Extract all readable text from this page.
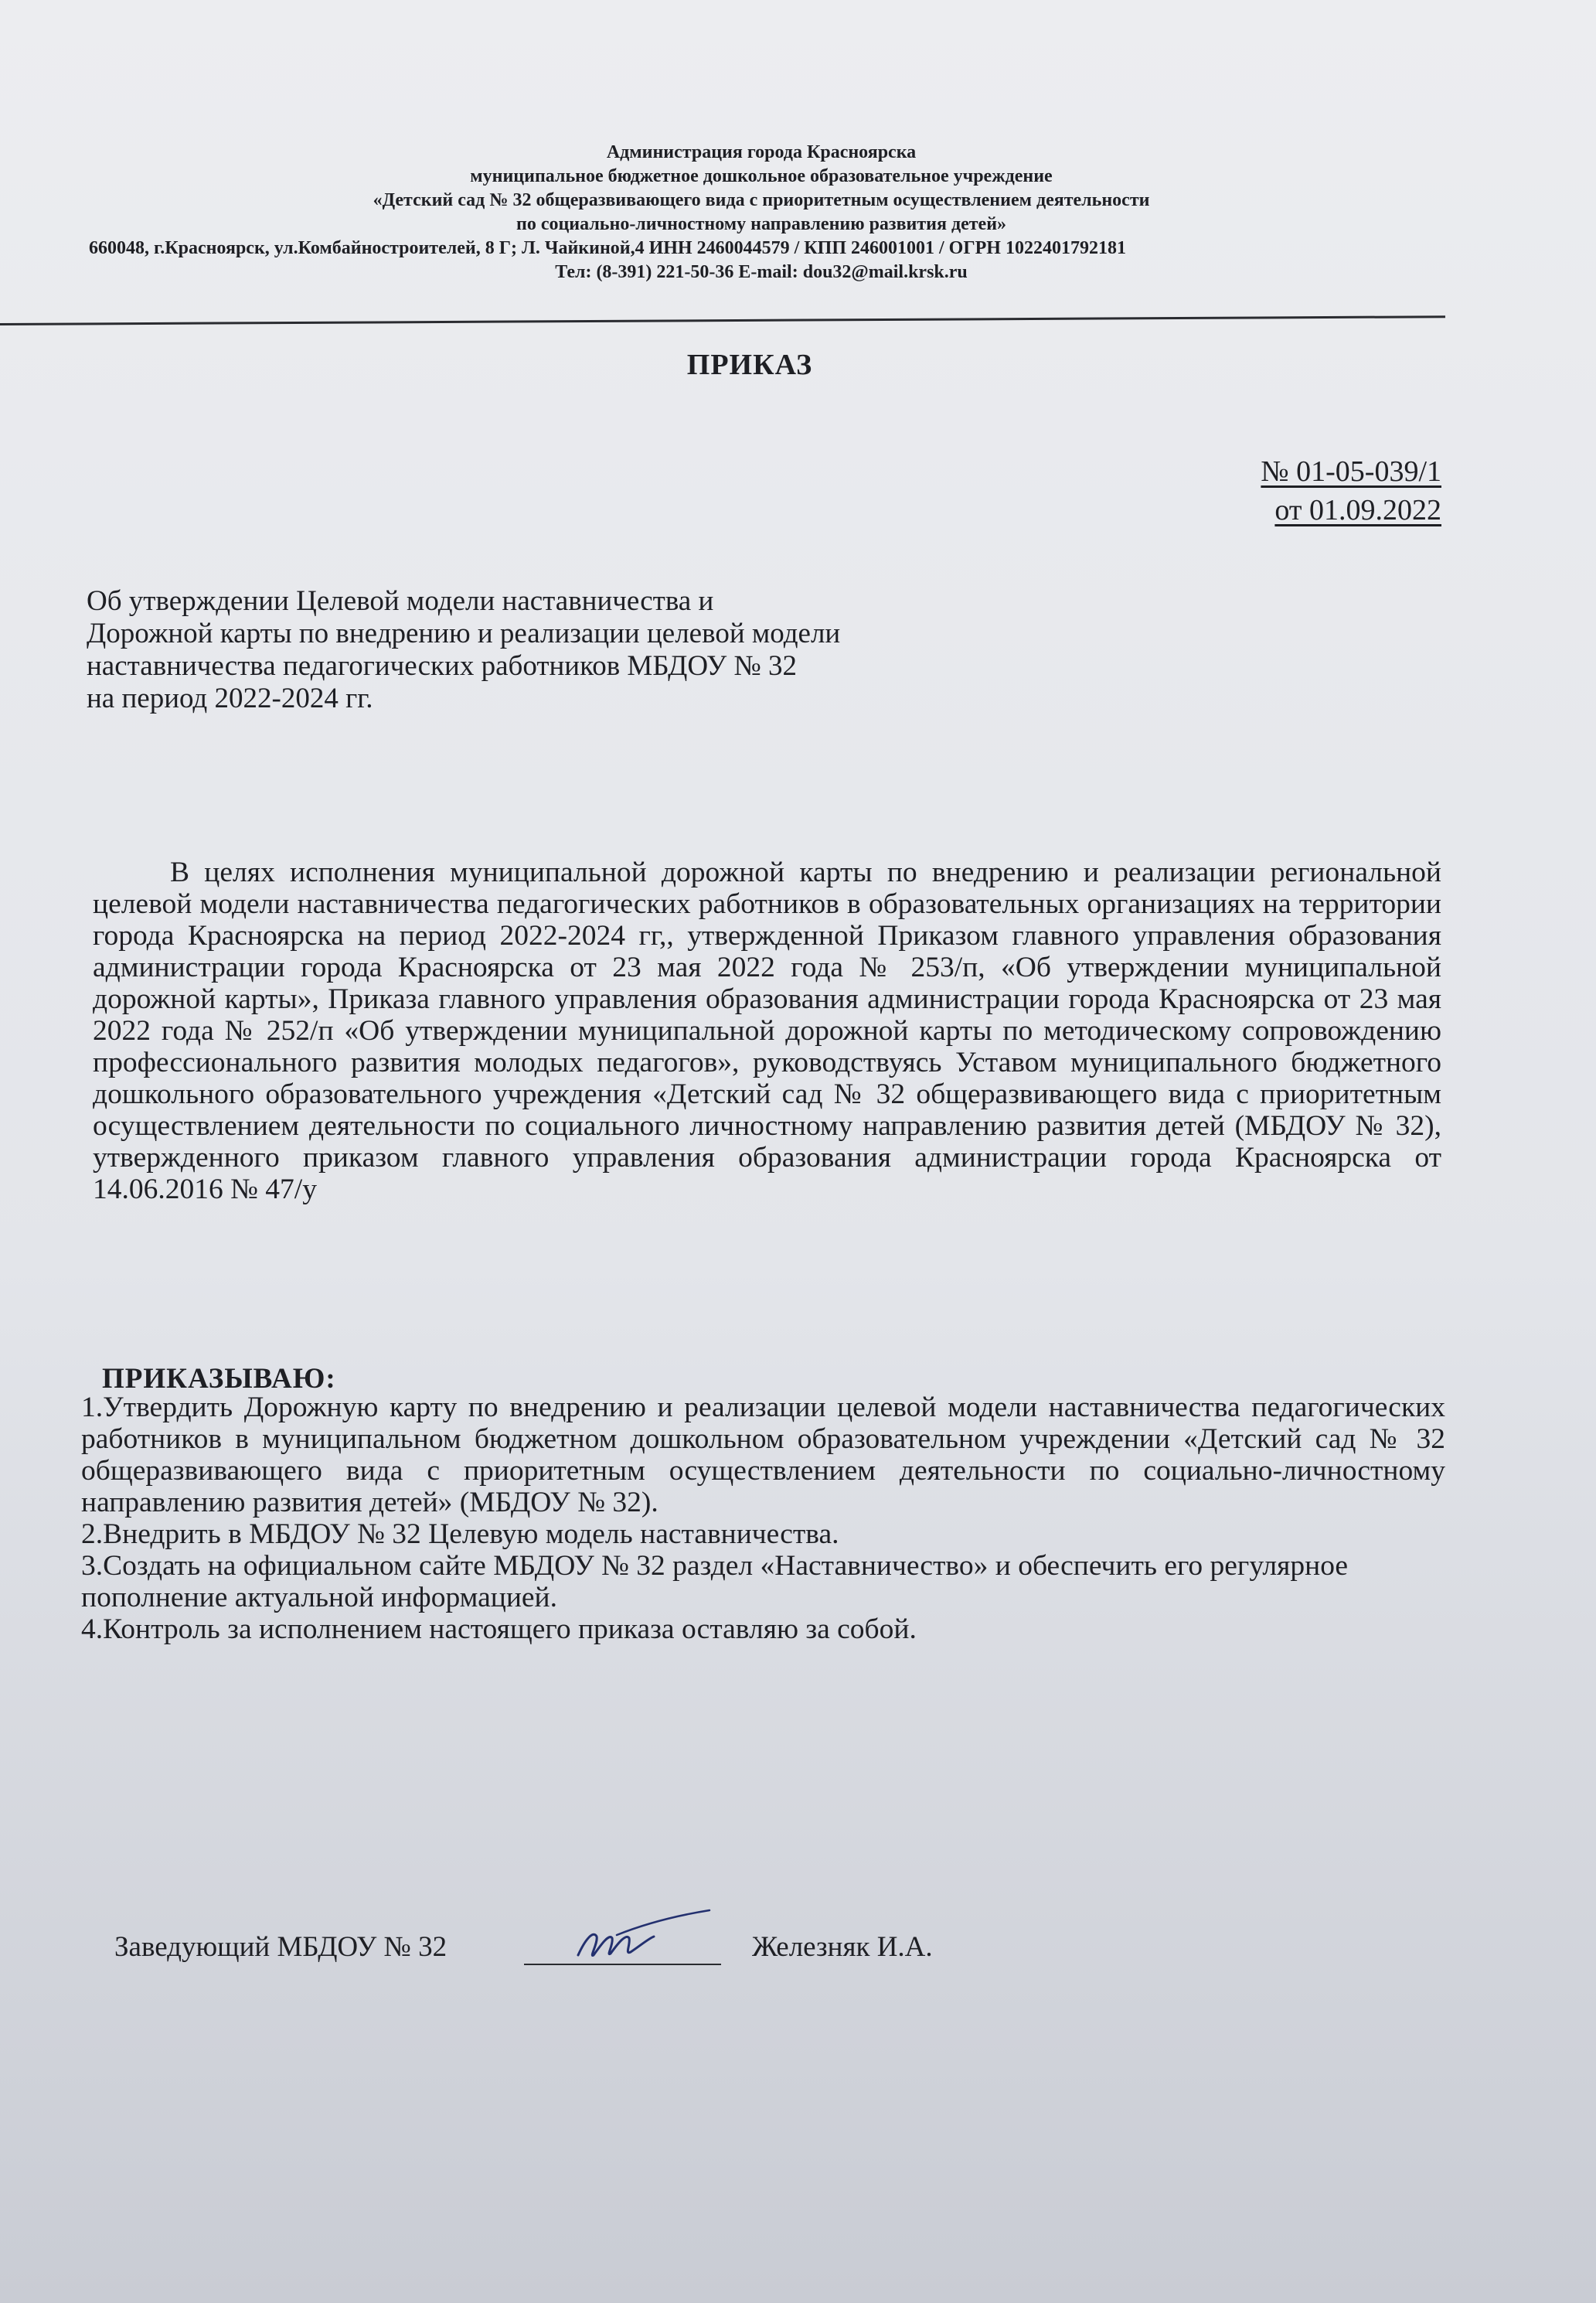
Администрация города Красноярска
муниципальное бюджетное дошкольное образовательное учреждение
«Детский сад № 32 общеразвивающего вида с приоритетным осуществлением деятельности
по социально-личностному направлению развития детей»
660048, г.Красноярск, ул.Комбайностроителей, 8 Г; Л. Чайкиной,4 ИНН 2460044579 / КПП 246001001 / ОГРН 1022401792181
Тел: (8-391) 221-50-36 E-mail: dou32@mail.krsk.ru
ПРИКАЗ
№ 01-05-039/1
от 01.09.2022
Об утверждении Целевой модели наставничества и
Дорожной карты по внедрению и реализации целевой модели
наставничества педагогических работников МБДОУ № 32
на период 2022-2024 гг.
В целях исполнения муниципальной дорожной карты по внедрению и реализации региональной целевой модели наставничества педагогических работников в образовательных организациях на территории города Красноярска на период 2022-2024 гг,, утвержденной Приказом главного управления образования администрации города Красноярска от 23 мая 2022 года № 253/п, «Об утверждении муниципальной дорожной карты», Приказа главного управления образования администрации города Красноярска от 23 мая 2022 года № 252/п «Об утверждении муниципальной дорожной карты по методическому сопровождению профессионального развития молодых педагогов», руководствуясь Уставом муниципального бюджетного дошкольного образовательного учреждения «Детский сад № 32 общеразвивающего вида с приоритетным осуществлением деятельности по социального личностному направлению развития детей (МБДОУ № 32), утвержденного приказом главного управления образования администрации города Красноярска от 14.06.2016 № 47/у
ПРИКАЗЫВАЮ:

1.Утвердить Дорожную карту по внедрению и реализации целевой модели наставничества педагогических работников в муниципальном бюджетном дошкольном образовательном учреждении «Детский сад № 32 общеразвивающего вида с приоритетным осуществлением деятельности по социально-личностному направлению развития детей» (МБДОУ № 32).

2.Внедрить в МБДОУ № 32 Целевую модель наставничества.

3.Создать на официальном сайте МБДОУ № 32 раздел «Наставничество» и обеспечить его регулярное пополнение актуальной информацией.

4.Контроль за исполнением настоящего приказа оставляю за собой.

Заведующий МБДОУ № 32	Железняк И.А.
